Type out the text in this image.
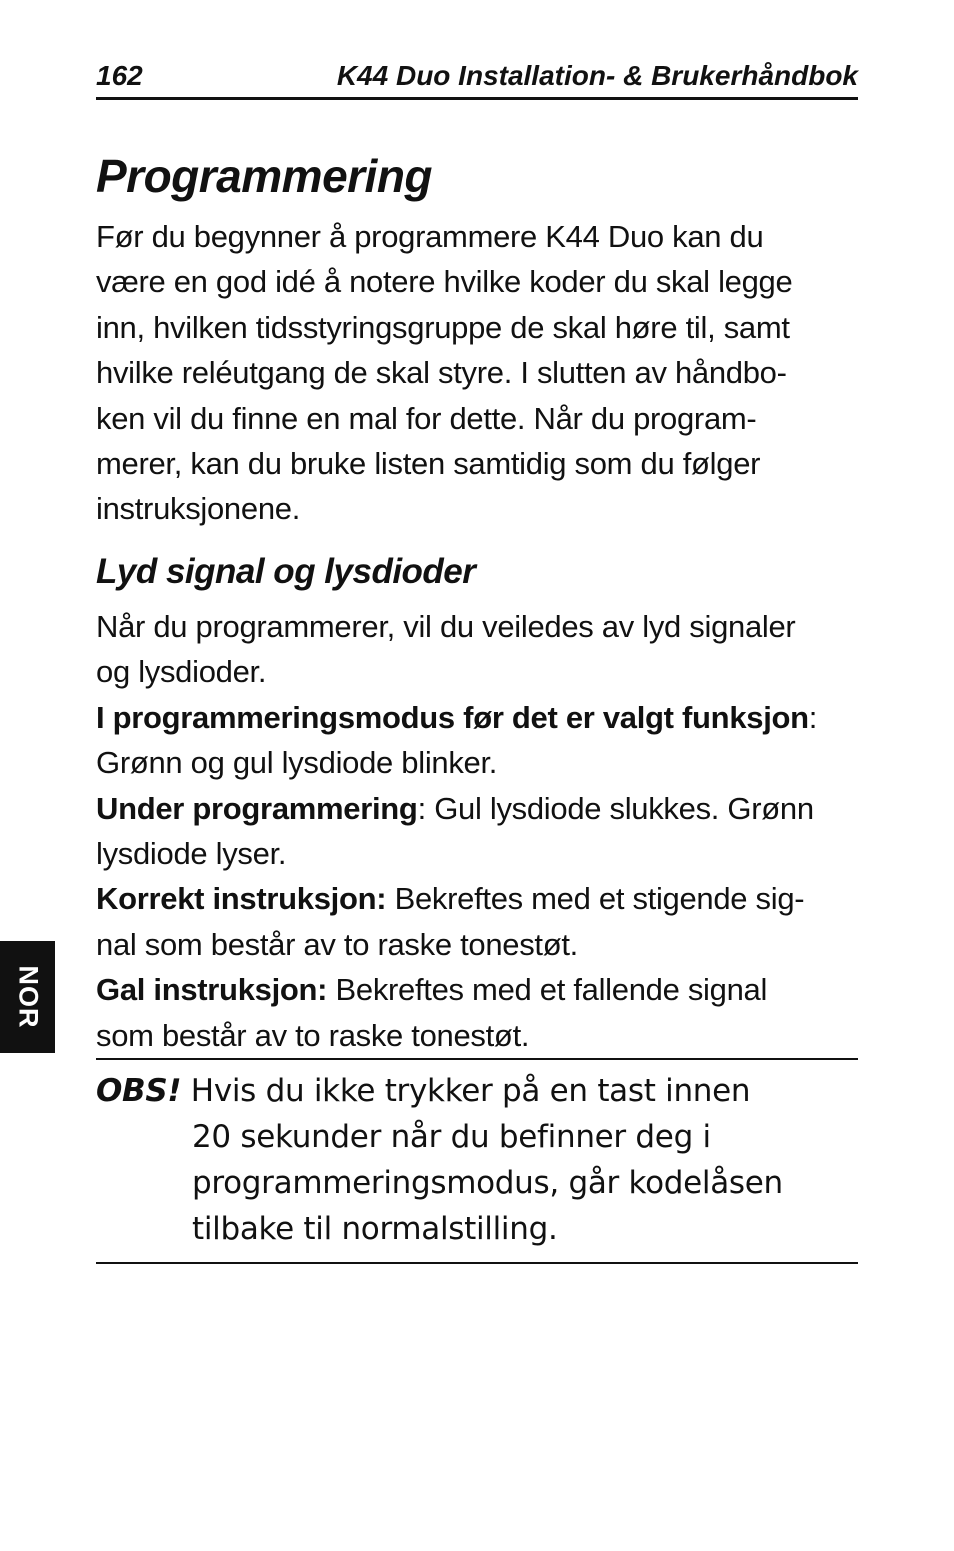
162	K44 Duo Installation- & Brukerhåndbok
Programmering
Før du begynner å programmere K44 Duo kan du
være en god idé å notere hvilke koder du skal legge
inn, hvilken tidsstyringsgruppe de skal høre til, samt
hvilke reléutgang de skal styre. I slutten av håndbo-
ken vil du finne en mal for dette. Når du program-
merer, kan du bruke listen samtidig som du følger
instruksjonene.
Lyd signal og lysdioder
Når du programmerer, vil du veiledes av lyd signaler
og lysdioder.
I programmeringsmodus før det er valgt funksjon:
Grønn og gul lysdiode blinker.
Under programmering: Gul lysdiode slukkes. Grønn
lysdiode lyser.
Korrekt instruksjon: Bekreftes med et stigende sig-
nal som består av to raske tonestøt.
Gal instruksjon: Bekreftes med et fallende signal
som består av to raske tonestøt.
NOR
OBS! Hvis du ikke trykker på en tast innen
20 sekunder når du befinner deg i
programmeringsmodus, går kodelåsen
tilbake til normalstilling.
